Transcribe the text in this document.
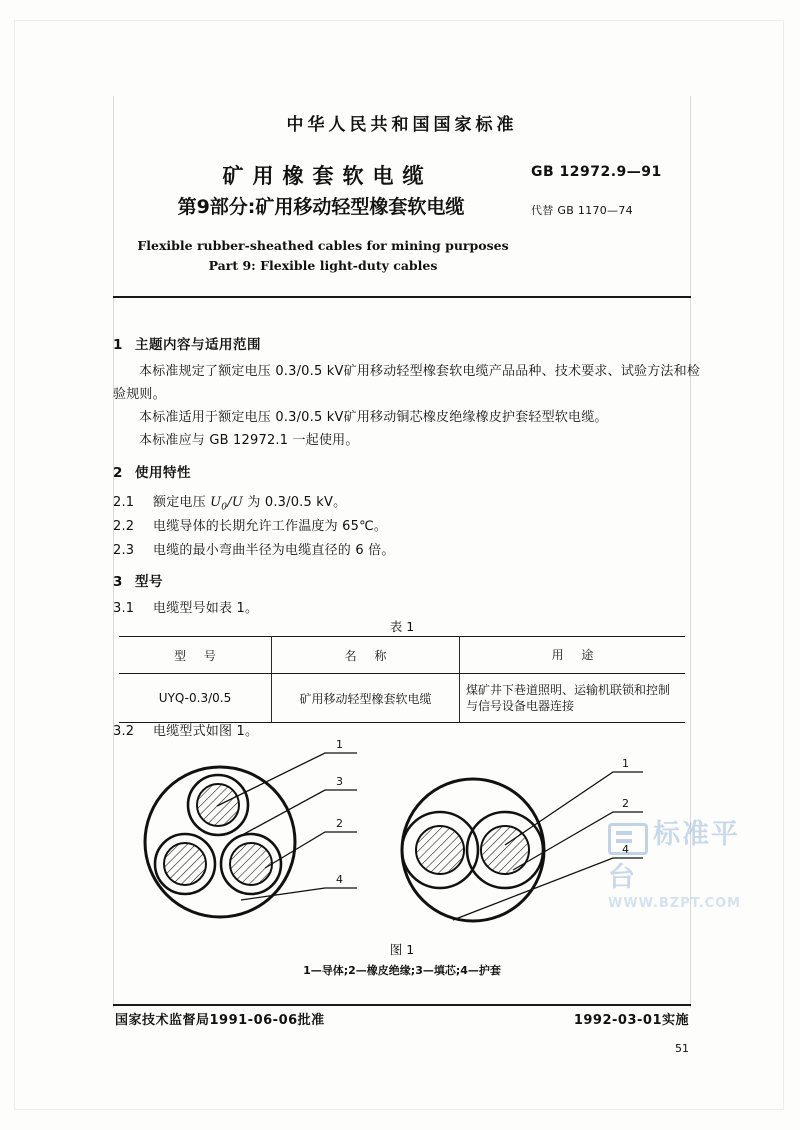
中华人民共和国国家标准
矿用橡套软电缆
第9部分:矿用移动轻型橡套软电缆
GB 12972.9—91
代替 GB 1170—74
Flexible rubber-sheathed cables for mining purposes
Part 9: Flexible light-duty cables
1 主题内容与适用范围
本标准规定了额定电压 0.3/0.5 kV矿用移动轻型橡套软电缆产品品种、技术要求、试验方法和检
验规则。
本标准适用于额定电压 0.3/0.5 kV矿用移动铜芯橡皮绝缘橡皮护套轻型软电缆。
本标准应与 GB 12972.1 一起使用。
2 使用特性
2.1 额定电压 $U_0/U$ 为 0.3/0.5 kV。
2.2 电缆导体的长期允许工作温度为 65℃。
2.3 电缆的最小弯曲半径为电缆直径的 6 倍。
3 型号
3.1 电缆型号如表 1。
表 1
型 号	名 称	用 途
UYQ-0.3/0.5	矿用移动轻型橡套软电缆	煤矿井下巷道照明、运输机联锁和控制与信号设备电器连接
3.2 电缆型式如图 1。
1
3
2
4
1
2
4 标准平台
WWW.BZPT.COM
图 1
1—导体;2—橡皮绝缘;3—填芯;4—护套
国家技术监督局1991-06-06批准	1992-03-01实施
51
